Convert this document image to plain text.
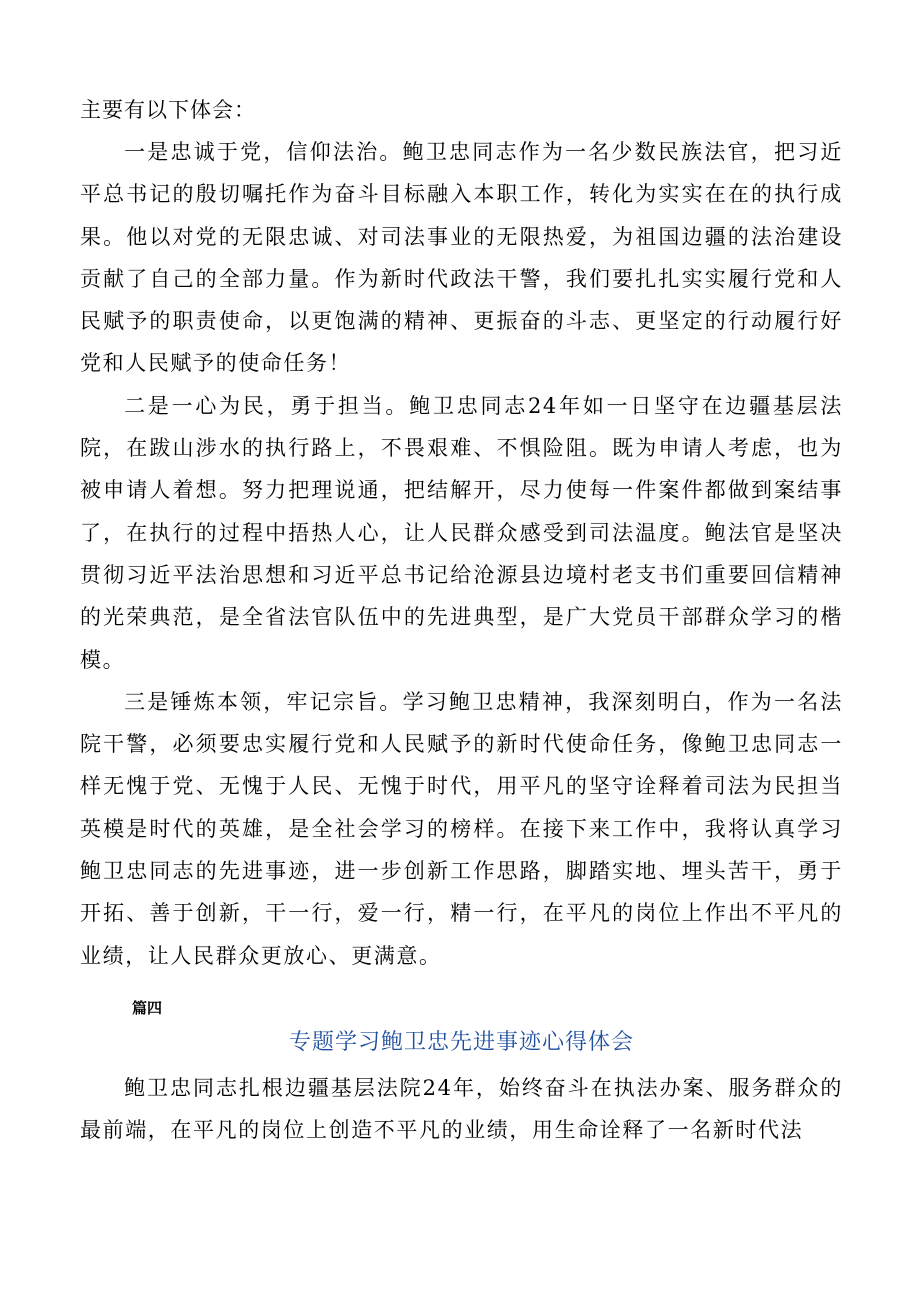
主要有以下体会：

一是忠诚于党，信仰法治。鲍卫忠同志作为一名少数民族法官，把习近平总书记的殷切嘱托作为奋斗目标融入本职工作，转化为实实在在的执行成果。他以对党的无限忠诚、对司法事业的无限热爱，为祖国边疆的法治建设贡献了自己的全部力量。作为新时代政法干警，我们要扎扎实实履行党和人民赋予的职责使命，以更饱满的精神、更振奋的斗志、更坚定的行动履行好党和人民赋予的使命任务！

二是一心为民，勇于担当。鲍卫忠同志24年如一日坚守在边疆基层法院，在跋山涉水的执行路上，不畏艰难、不惧险阻。既为申请人考虑，也为被申请人着想。努力把理说通，把结解开，尽力使每一件案件都做到案结事了，在执行的过程中捂热人心，让人民群众感受到司法温度。鲍法官是坚决贯彻习近平法治思想和习近平总书记给沧源县边境村老支书们重要回信精神的光荣典范，是全省法官队伍中的先进典型，是广大党员干部群众学习的楷模。

三是锤炼本领，牢记宗旨。学习鲍卫忠精神，我深刻明白，作为一名法院干警，必须要忠实履行党和人民赋予的新时代使命任务，像鲍卫忠同志一样无愧于党、无愧于人民、无愧于时代，用平凡的坚守诠释着司法为民担当英模是时代的英雄，是全社会学习的榜样。在接下来工作中，我将认真学习鲍卫忠同志的先进事迹，进一步创新工作思路，脚踏实地、埋头苦干，勇于开拓、善于创新，干一行，爱一行，精一行，在平凡的岗位上作出不平凡的业绩，让人民群众更放心、更满意。

篇四
专题学习鲍卫忠先进事迹心得体会

鲍卫忠同志扎根边疆基层法院24年，始终奋斗在执法办案、服务群众的最前端，在平凡的岗位上创造不平凡的业绩，用生命诠释了一名新时代法
